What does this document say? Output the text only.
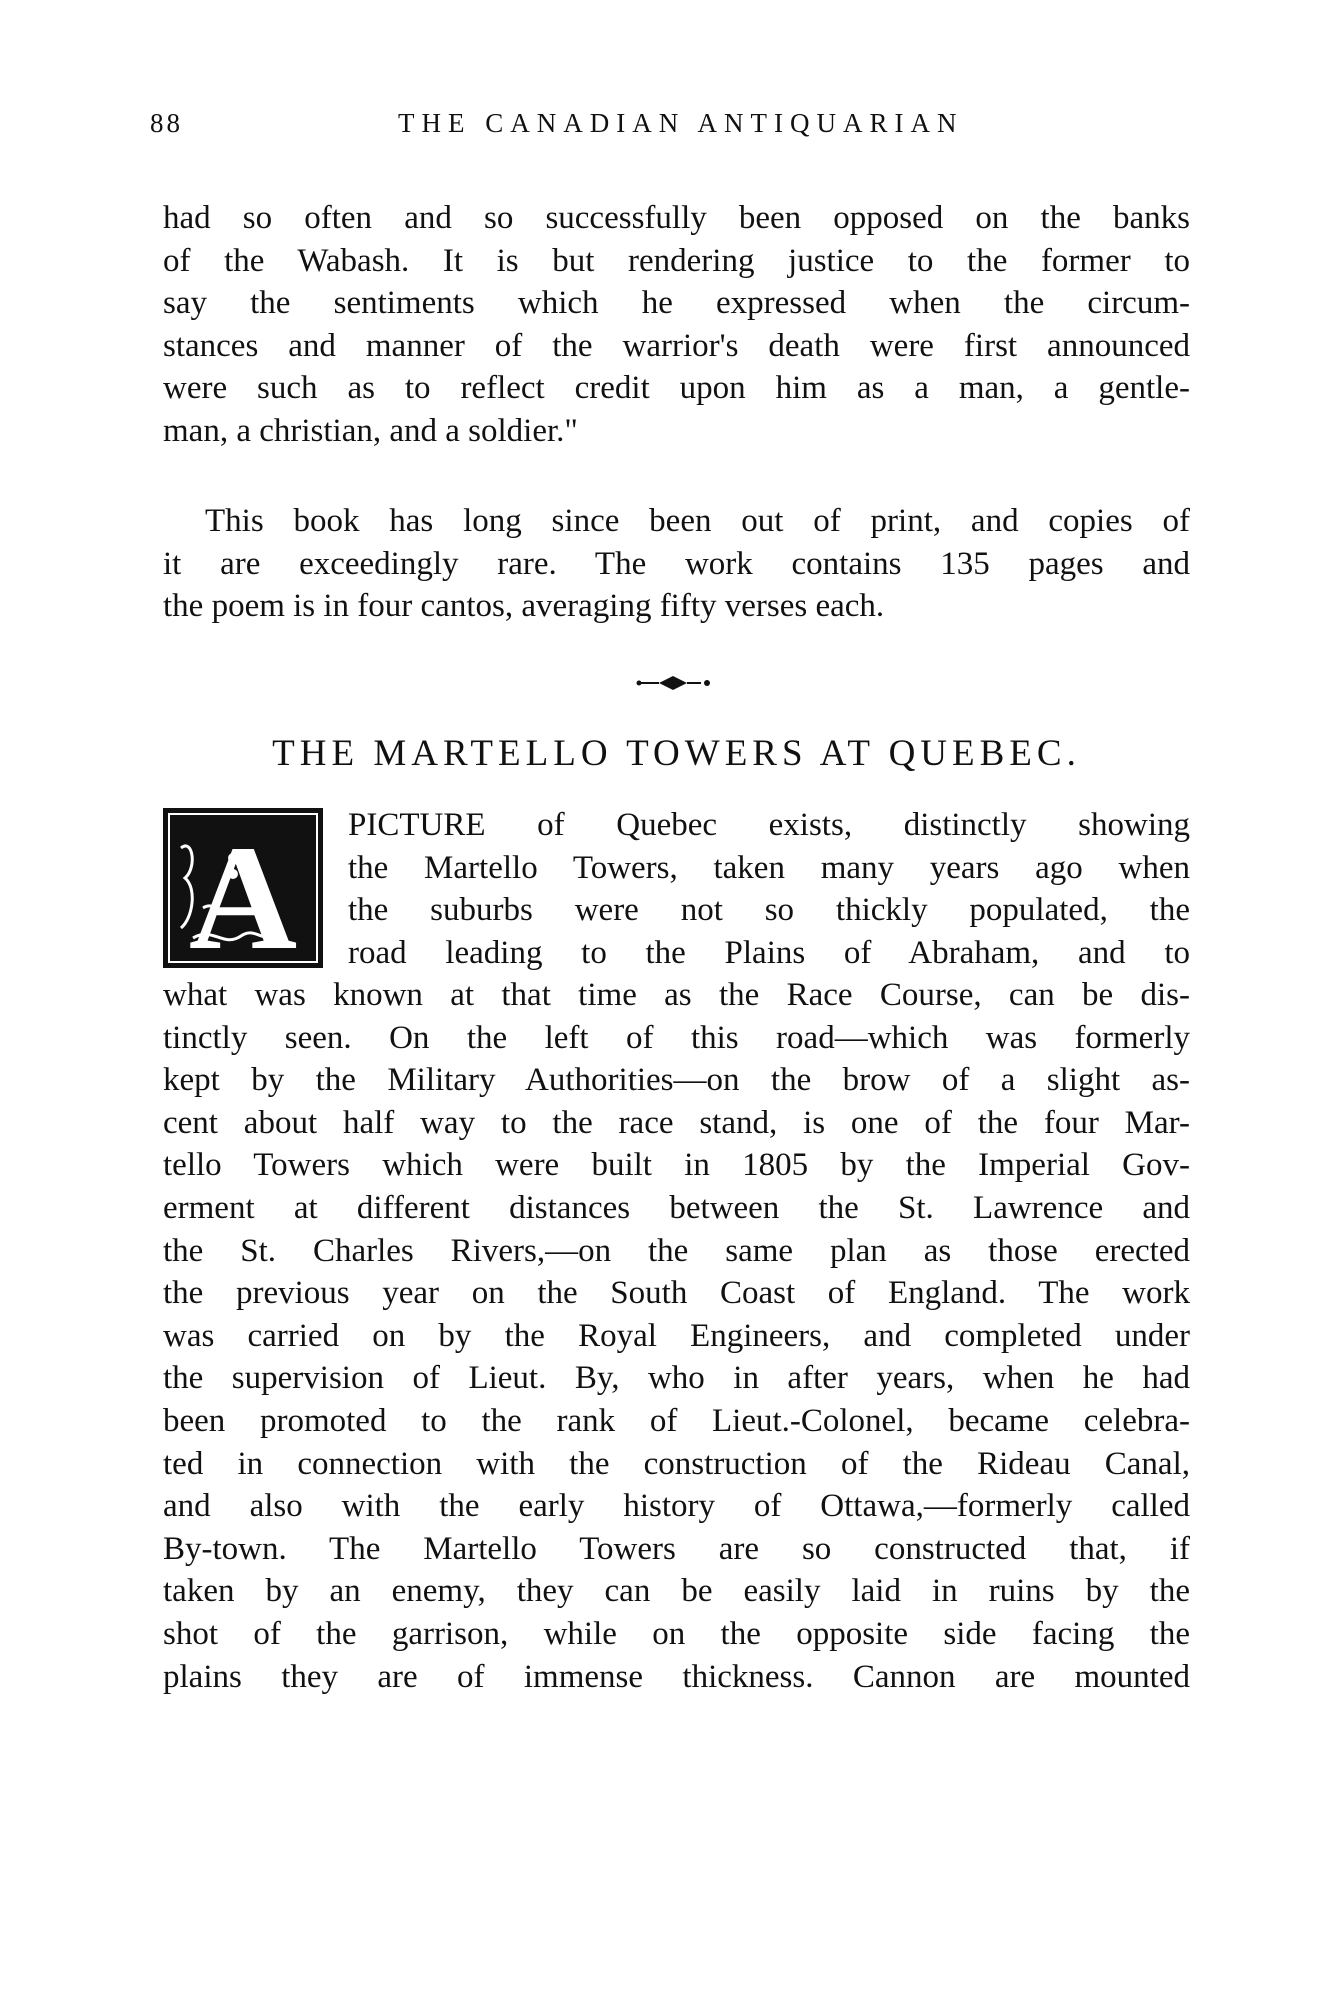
88	THE CANADIAN ANTIQUARIAN
had so often and so successfully been opposed on the banks
of the Wabash. It is but rendering justice to the former to
say the sentiments which he expressed when the circum-
stances and manner of the warrior's death were first announced
were such as to reflect credit upon him as a man, a gentle-
man, a christian, and a soldier."
This book has long since been out of print, and copies of
it are exceedingly rare. The work contains 135 pages and
the poem is in four cantos, averaging fifty verses each.
THE MARTELLO TOWERS AT QUEBEC.
A PICTURE of Quebec exists, distinctly showing
the Martello Towers, taken many years ago when
the suburbs were not so thickly populated, the
road leading to the Plains of Abraham, and to
what was known at that time as the Race Course, can be dis-
tinctly seen. On the left of this road—which was formerly
kept by the Military Authorities—on the brow of a slight as-
cent about half way to the race stand, is one of the four Mar-
tello Towers which were built in 1805 by the Imperial Gov-
erment at different distances between the St. Lawrence and
the St. Charles Rivers,—on the same plan as those erected
the previous year on the South Coast of England. The work
was carried on by the Royal Engineers, and completed under
the supervision of Lieut. By, who in after years, when he had
been promoted to the rank of Lieut.-Colonel, became celebra-
ted in connection with the construction of the Rideau Canal,
and also with the early history of Ottawa,—formerly called
By-town. The Martello Towers are so constructed that, if
taken by an enemy, they can be easily laid in ruins by the
shot of the garrison, while on the opposite side facing the
plains they are of immense thickness. Cannon are mounted
